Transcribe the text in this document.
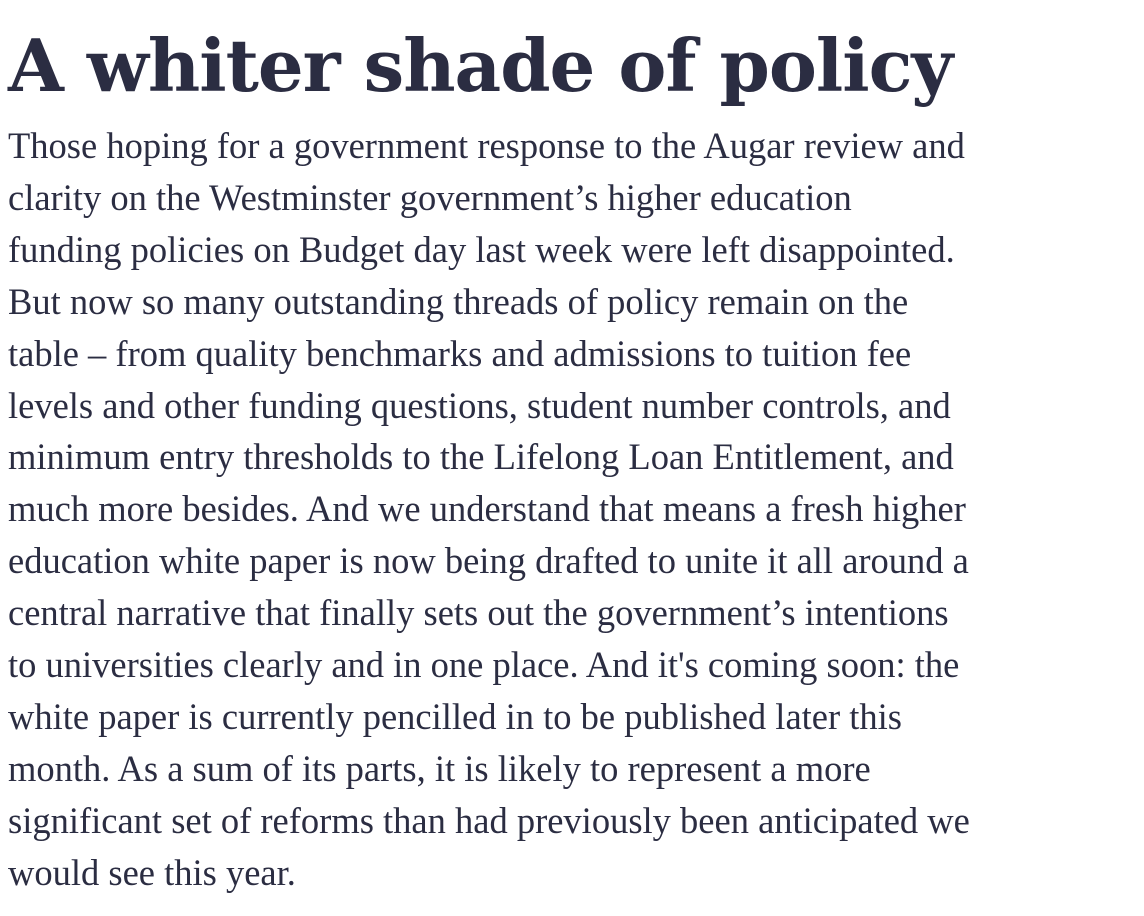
A whiter shade of policy

Those hoping for a government response to the Augar review and
clarity on the Westminster government’s higher education
funding policies on Budget day last week were left disappointed.
But now so many outstanding threads of policy remain on the
table – from quality benchmarks and admissions to tuition fee
levels and other funding questions, student number controls, and
minimum entry thresholds to the Lifelong Loan Entitlement, and
much more besides. And we understand that means a fresh higher
education white paper is now being drafted to unite it all around a
central narrative that finally sets out the government’s intentions
to universities clearly and in one place. And it's coming soon: the
white paper is currently pencilled in to be published later this
month. As a sum of its parts, it is likely to represent a more
significant set of reforms than had previously been anticipated we
would see this year.
